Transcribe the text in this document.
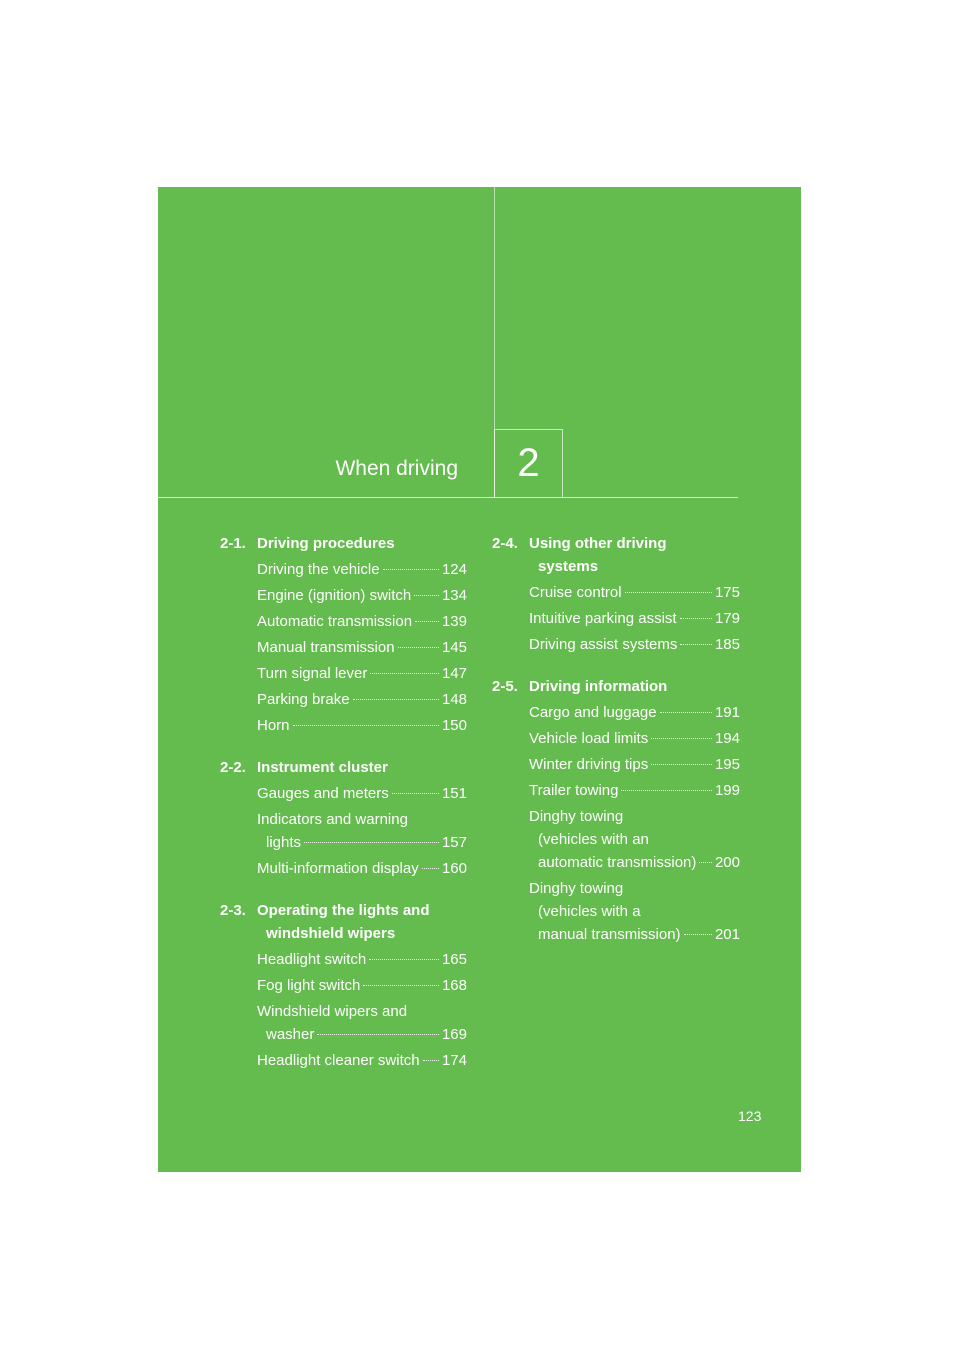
When driving	2
2-1. Driving procedures
Driving the vehicle	124
Engine (ignition) switch 134
Automatic transmission 139
Manual transmission	145
Turn signal lever	147
Parking brake	148
Horn	150
2-2. Instrument cluster
Gauges and meters	151
Indicators and warning
lights	157
Multi-information display 160
2-3. Operating the lights and
windshield wipers
Headlight switch	165
Fog light switch	168
Windshield wipers and
washer	169
Headlight cleaner switch 174
2-4. Using other driving
systems
Cruise control	175
Intuitive parking assist	179
Driving assist systems	185
2-5. Driving information
Cargo and luggage	191
Vehicle load limits	194
Winter driving tips	195
Trailer towing	199
Dinghy towing
(vehicles with an
automatic transmission) 200
Dinghy towing
(vehicles with a
manual transmission) 201
123
